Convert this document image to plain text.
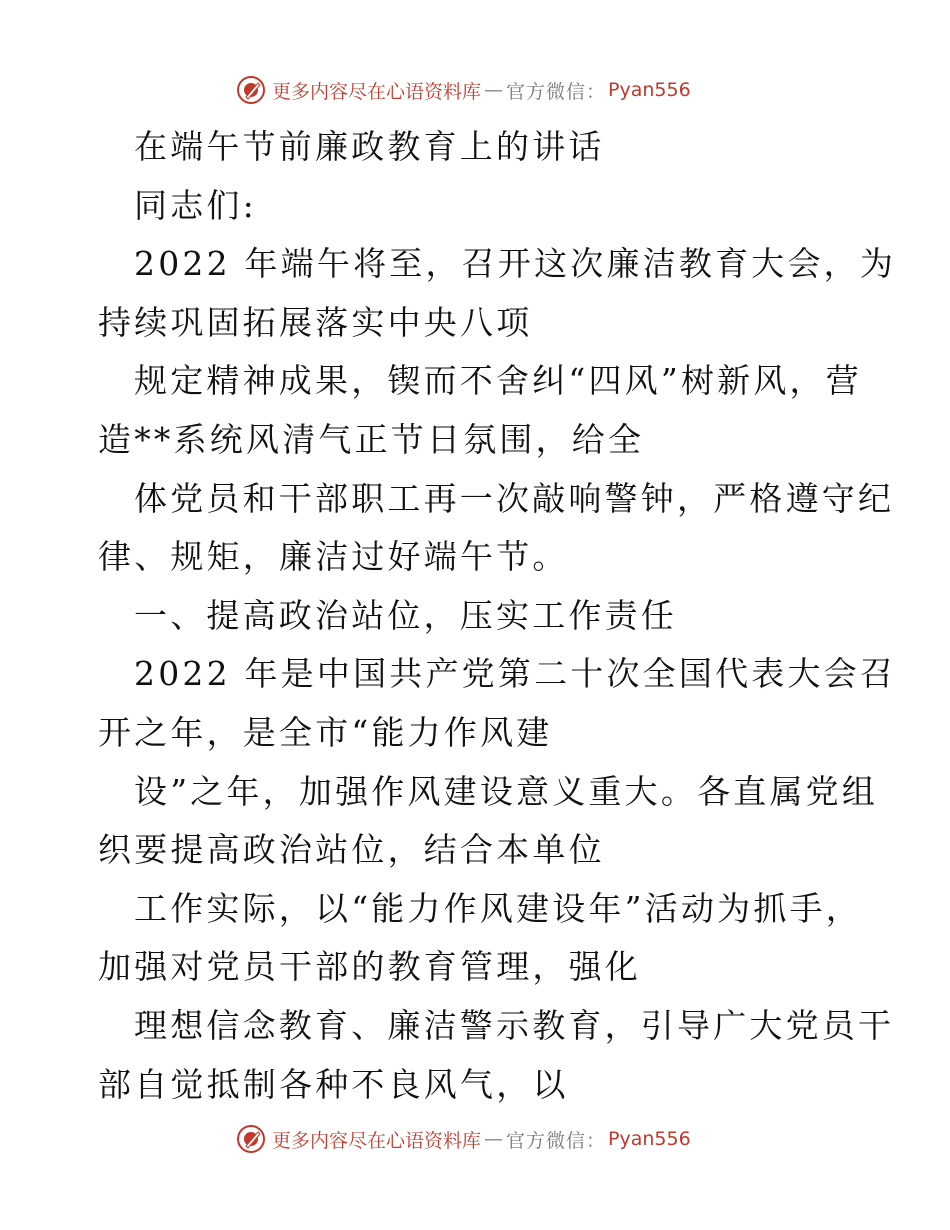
更多内容尽在心语资料库 — 官方微信： Pyan556
在端午节前廉政教育上的讲话
同志们:
2022 年端午将至，召开这次廉洁教育大会，为
持续巩固拓展落实中央八项
规定精神成果，锲而不舍纠“四风”树新风，营
造**系统风清气正节日氛围，给全
体党员和干部职工再一次敲响警钟，严格遵守纪
律、规矩，廉洁过好端午节。
一、提高政治站位，压实工作责任
2022 年是中国共产党第二十次全国代表大会召
开之年，是全市“能力作风建
设”之年，加强作风建设意义重大。各直属党组
织要提高政治站位，结合本单位
工作实际，以“能力作风建设年”活动为抓手，
加强对党员干部的教育管理，强化
理想信念教育、廉洁警示教育，引导广大党员干
部自觉抵制各种不良风气，以
更多内容尽在心语资料库 — 官方微信： Pyan556
